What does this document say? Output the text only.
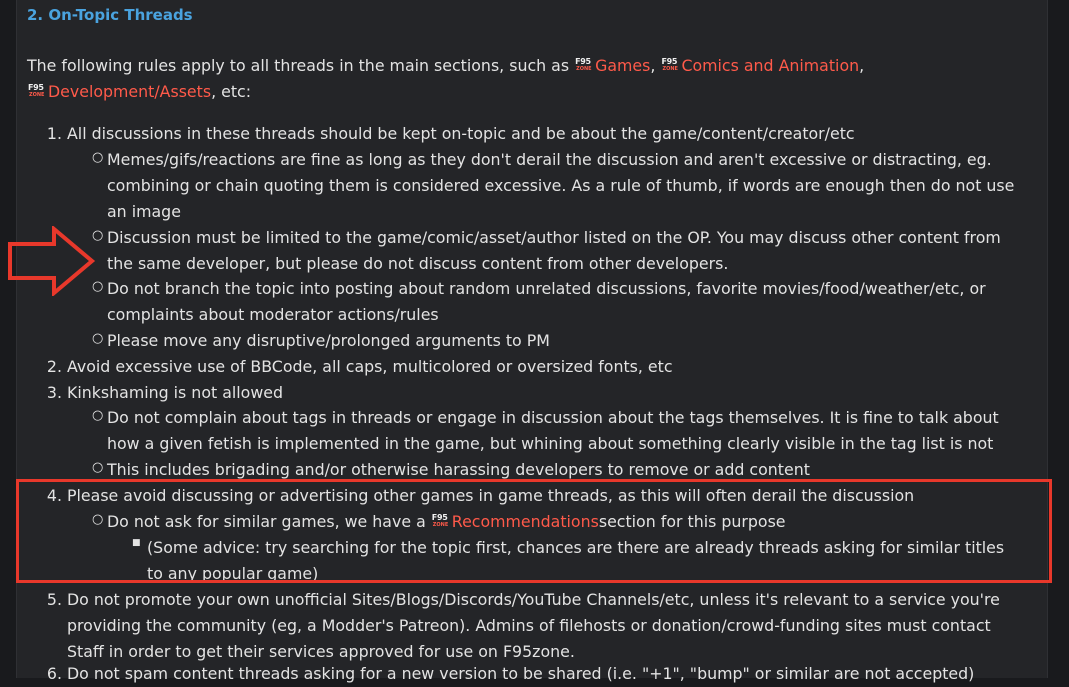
2. On-Topic Threads
The following rules apply to all threads in the main sections, such as F95
ZONE Games, F95
ZONE Comics and Animation,
F95
ZONE Development/Assets, etc:
1. All discussions in these threads should be kept on-topic and be about the game/content/creator/etc
○ Memes/gifs/reactions are fine as long as they don't derail the discussion and aren't excessive or distracting, eg.
combining or chain quoting them is considered excessive. As a rule of thumb, if words are enough then do not use
an image
○ Discussion must be limited to the game/comic/asset/author listed on the OP. You may discuss other content from
the same developer, but please do not discuss content from other developers.
○ Do not branch the topic into posting about random unrelated discussions, favorite movies/food/weather/etc, or
complaints about moderator actions/rules
○ Please move any disruptive/prolonged arguments to PM
2. Avoid excessive use of BBCode, all caps, multicolored or oversized fonts, etc
3. Kinkshaming is not allowed
○ Do not complain about tags in threads or engage in discussion about the tags themselves. It is fine to talk about
how a given fetish is implemented in the game, but whining about something clearly visible in the tag list is not
○ This includes brigading and/or otherwise harassing developers to remove or add content
4. Please avoid discussing or advertising other games in game threads, as this will often derail the discussion
○ Do not ask for similar games, we have a F95
ZONE Recommendationssection for this purpose
■ (Some advice: try searching for the topic first, chances are there are already threads asking for similar titles
to any popular game)
5. Do not promote your own unofficial Sites/Blogs/Discords/YouTube Channels/etc, unless it's relevant to a service you're
providing the community (eg, a Modder's Patreon). Admins of filehosts or donation/crowd-funding sites must contact
Staff in order to get their services approved for use on F95zone.
6. Do not spam content threads asking for a new version to be shared (i.e. "+1", "bump" or similar are not accepted)
